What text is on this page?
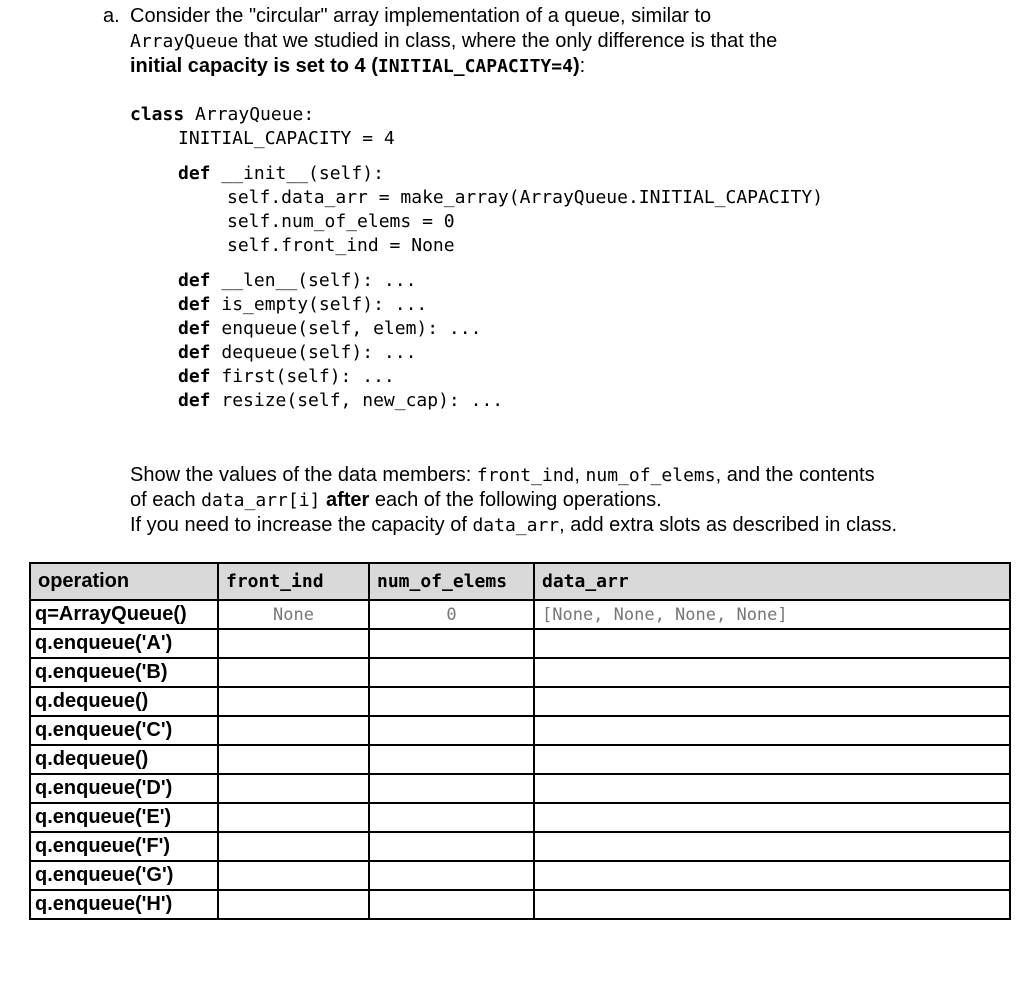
a. Consider the "circular" array implementation of a queue, similar to
ArrayQueue that we studied in class, where the only difference is that the
initial capacity is set to 4 (INITIAL_CAPACITY=4):
class ArrayQueue:
INITIAL_CAPACITY = 4
def __init__(self):
self.data_arr = make_array(ArrayQueue.INITIAL_CAPACITY)
self.num_of_elems = 0
self.front_ind = None
def __len__(self): ...
def is_empty(self): ...
def enqueue(self, elem): ...
def dequeue(self): ...
def first(self): ...
def resize(self, new_cap): ...
Show the values of the data members: front_ind, num_of_elems, and the contents
of each data_arr[i] after each of the following operations.
If you need to increase the capacity of data_arr, add extra slots as described in class.
operation	front_ind	num_of_elems	data_arr
q=ArrayQueue()	None	0	[None, None, None, None]
q.enqueue('A')			
q.enqueue('B)			
q.dequeue()			
q.enqueue('C')			
q.dequeue()			
q.enqueue('D')			
q.enqueue('E')			
q.enqueue('F')			
q.enqueue('G')			
q.enqueue('H')			
